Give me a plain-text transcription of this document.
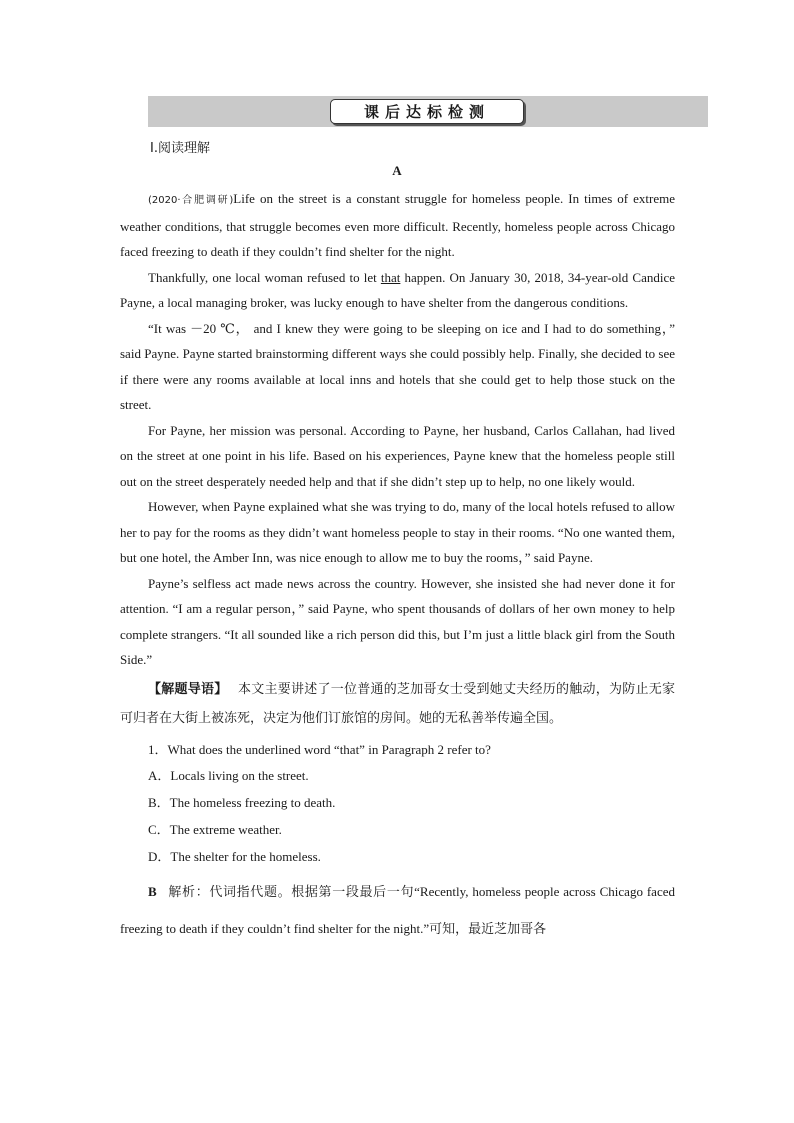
课后达标检测
Ⅰ.阅读理解
A

(2020·合肥调研)Life on the street is a constant struggle for homeless people. In times of extreme weather conditions, that struggle becomes even more difficult. Recently, homeless people across Chicago faced freezing to death if they couldn’t find shelter for the night.

Thankfully, one local woman refused to let that happen. On January 30, 2018, 34-year-old Candice Payne, a local managing broker, was lucky enough to have shelter from the dangerous conditions.

“It was －20 ℃， and I knew they were going to be sleeping on ice and I had to do something，” said Payne. Payne started brainstorming different ways she could possibly help. Finally, she decided to see if there were any rooms available at local inns and hotels that she could get to help those stuck on the street.

For Payne, her mission was personal. According to Payne, her husband, Carlos Callahan, had lived on the street at one point in his life. Based on his experiences, Payne knew that the homeless people still out on the street desperately needed help and that if she didn’t step up to help, no one likely would.

However, when Payne explained what she was trying to do, many of the local hotels refused to allow her to pay for the rooms as they didn’t want homeless people to stay in their rooms. “No one wanted them, but one hotel, the Amber Inn, was nice enough to allow me to buy the rooms，” said Payne.

Payne’s selfless act made news across the country. However, she insisted she had never done it for attention. “I am a regular person，” said Payne, who spent thousands of dollars of her own money to help complete strangers. “It all sounded like a rich person did this, but I’m just a little black girl from the South Side.”

【解题导语】 本文主要讲述了一位普通的芝加哥女士受到她丈夫经历的触动，为防止无家可归者在大街上被冻死，决定为他们订旅馆的房间。她的无私善举传遍全国。

1．What does the underlined word “that” in Paragraph 2 refer to?

A．Locals living on the street.

B．The homeless freezing to death.

C．The extreme weather.

D．The shelter for the homeless.

B 解析：代词指代题。根据第一段最后一句“Recently, homeless people across Chicago faced freezing to death if they couldn’t find shelter for the night.”可知，最近芝加哥各
